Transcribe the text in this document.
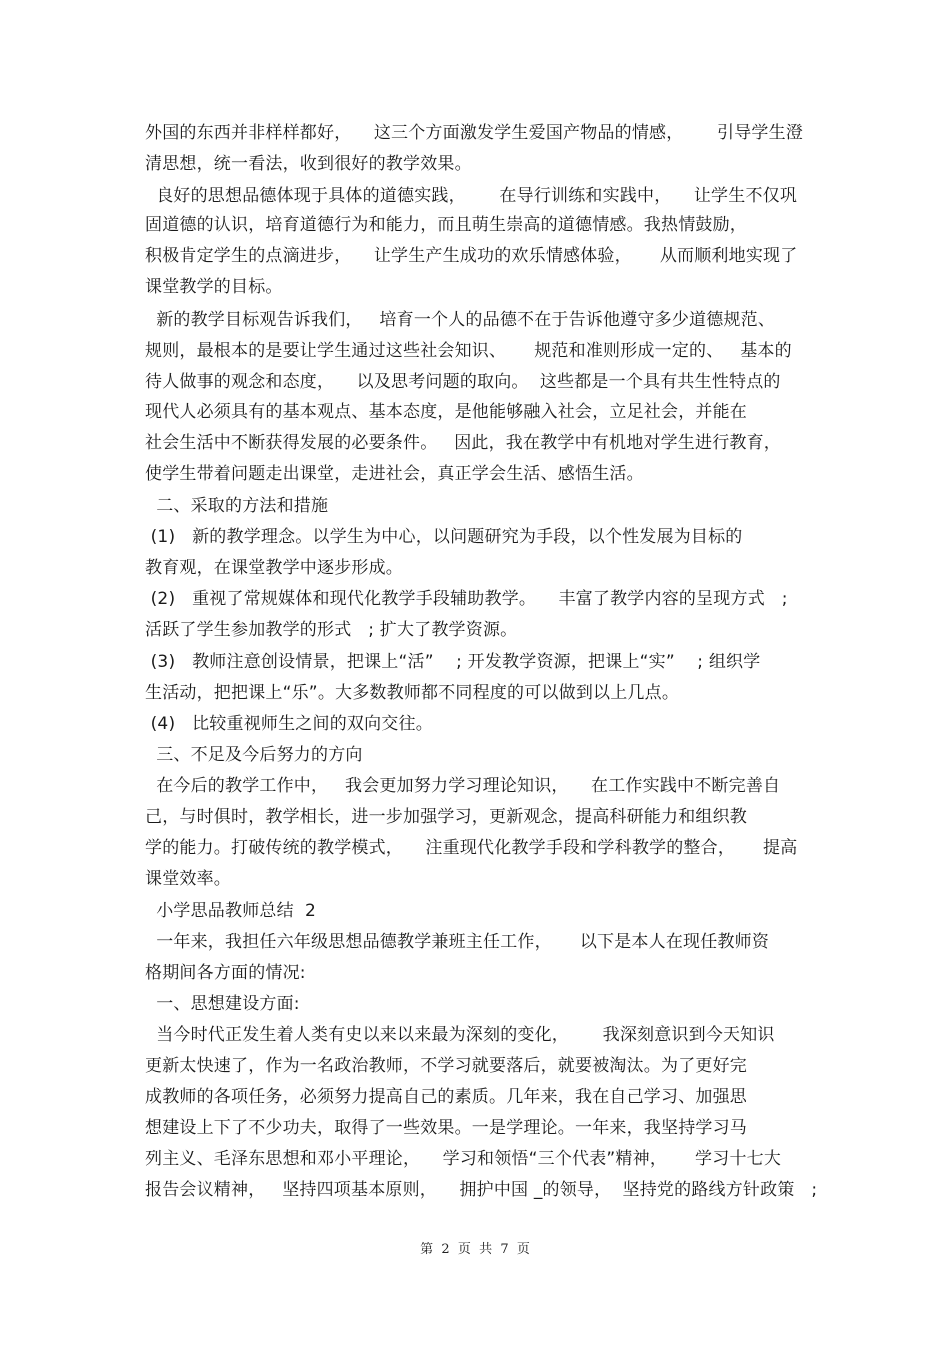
外国的东西并非样样都好，    这三个方面激发学生爱国产物品的情感，      引导学生澄
清思想，统一看法，收到很好的教学效果。
良好的思想品德体现于具体的道德实践，      在导行训练和实践中，    让学生不仅巩
固道德的认识，培育道德行为和能力，而且萌生崇高的道德情感。我热情鼓励，
积极肯定学生的点滴进步，    让学生产生成功的欢乐情感体验，     从而顺利地实现了
课堂教学的目标。
新的教学目标观告诉我们，   培育一个人的品德不在于告诉他遵守多少道德规范、
规则，最根本的是要让学生通过这些社会知识、     规范和准则形成一定的、   基本的
待人做事的观念和态度，    以及思考问题的取向。  这些都是一个具有共生性特点的
现代人必须具有的基本观点、基本态度，是他能够融入社会，立足社会，并能在
社会生活中不断获得发展的必要条件。   因此，我在教学中有机地对学生进行教育，
使学生带着问题走出课堂，走进社会，真正学会生活、感悟生活。
二、采取的方法和措施
(1)   新的教学理念。以学生为中心，以问题研究为手段，以个性发展为目标的
教育观，在课堂教学中逐步形成。
(2)   重视了常规媒体和现代化教学手段辅助教学。    丰富了教学内容的呈现方式   ;
活跃了学生参加教学的形式   ; 扩大了教学资源。
(3)   教师注意创设情景，把课上“活”    ; 开发教学资源，把课上“实”    ; 组织学
生活动，把把课上“乐”。大多数教师都不同程度的可以做到以上几点。
(4)   比较重视师生之间的双向交往。
三、不足及今后努力的方向
在今后的教学工作中，   我会更加努力学习理论知识，    在工作实践中不断完善自
己，与时俱时，教学相长，进一步加强学习，更新观念，提高科研能力和组织教
学的能力。打破传统的教学模式，    注重现代化教学手段和学科教学的整合，     提高
课堂效率。
小学思品教师总结  2
一年来，我担任六年级思想品德教学兼班主任工作，     以下是本人在现任教师资
格期间各方面的情况:
一、思想建设方面:
当今时代正发生着人类有史以来以来最为深刻的变化，      我深刻意识到今天知识
更新太快速了，作为一名政治教师，不学习就要落后，就要被淘汰。为了更好完
成教师的各项任务，必须努力提高自己的素质。几年来，我在自己学习、加强思
想建设上下了不少功夫，取得了一些效果。一是学理论。一年来，我坚持学习马
列主义、毛泽东思想和邓小平理论，    学习和领悟“三个代表”精神，     学习十七大
报告会议精神，   坚持四项基本原则，    拥护中国 _的领导，  坚持党的路线方针政策   ;
第  2  页  共  7  页
